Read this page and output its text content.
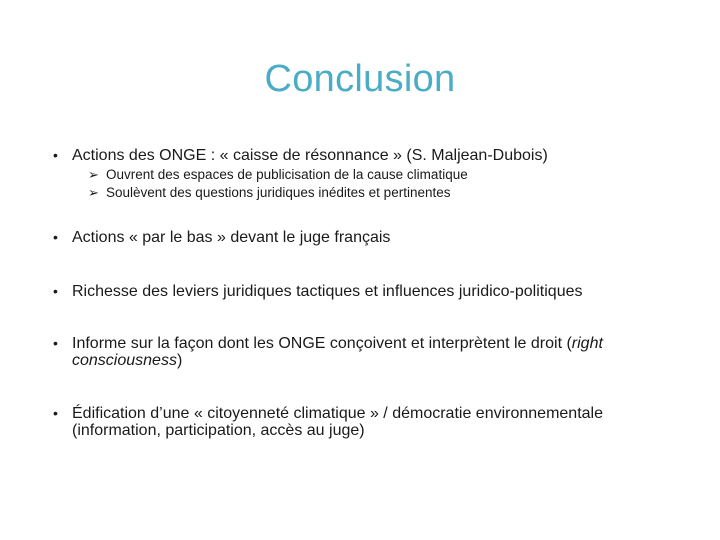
Conclusion
• Actions des ONGE : « caisse de résonnance » (S. Maljean-Dubois)
➢ Ouvrent des espaces de publicisation de la cause climatique
➢ Soulèvent des questions juridiques inédites et pertinentes
• Actions « par le bas » devant le juge français
• Richesse des leviers juridiques tactiques et influences juridico-politiques
• Informe sur la façon dont les ONGE conçoivent et interprètent le droit (right
consciousness)
• Édification d’une « citoyenneté climatique » / démocratie environnementale
(information, participation, accès au juge)
